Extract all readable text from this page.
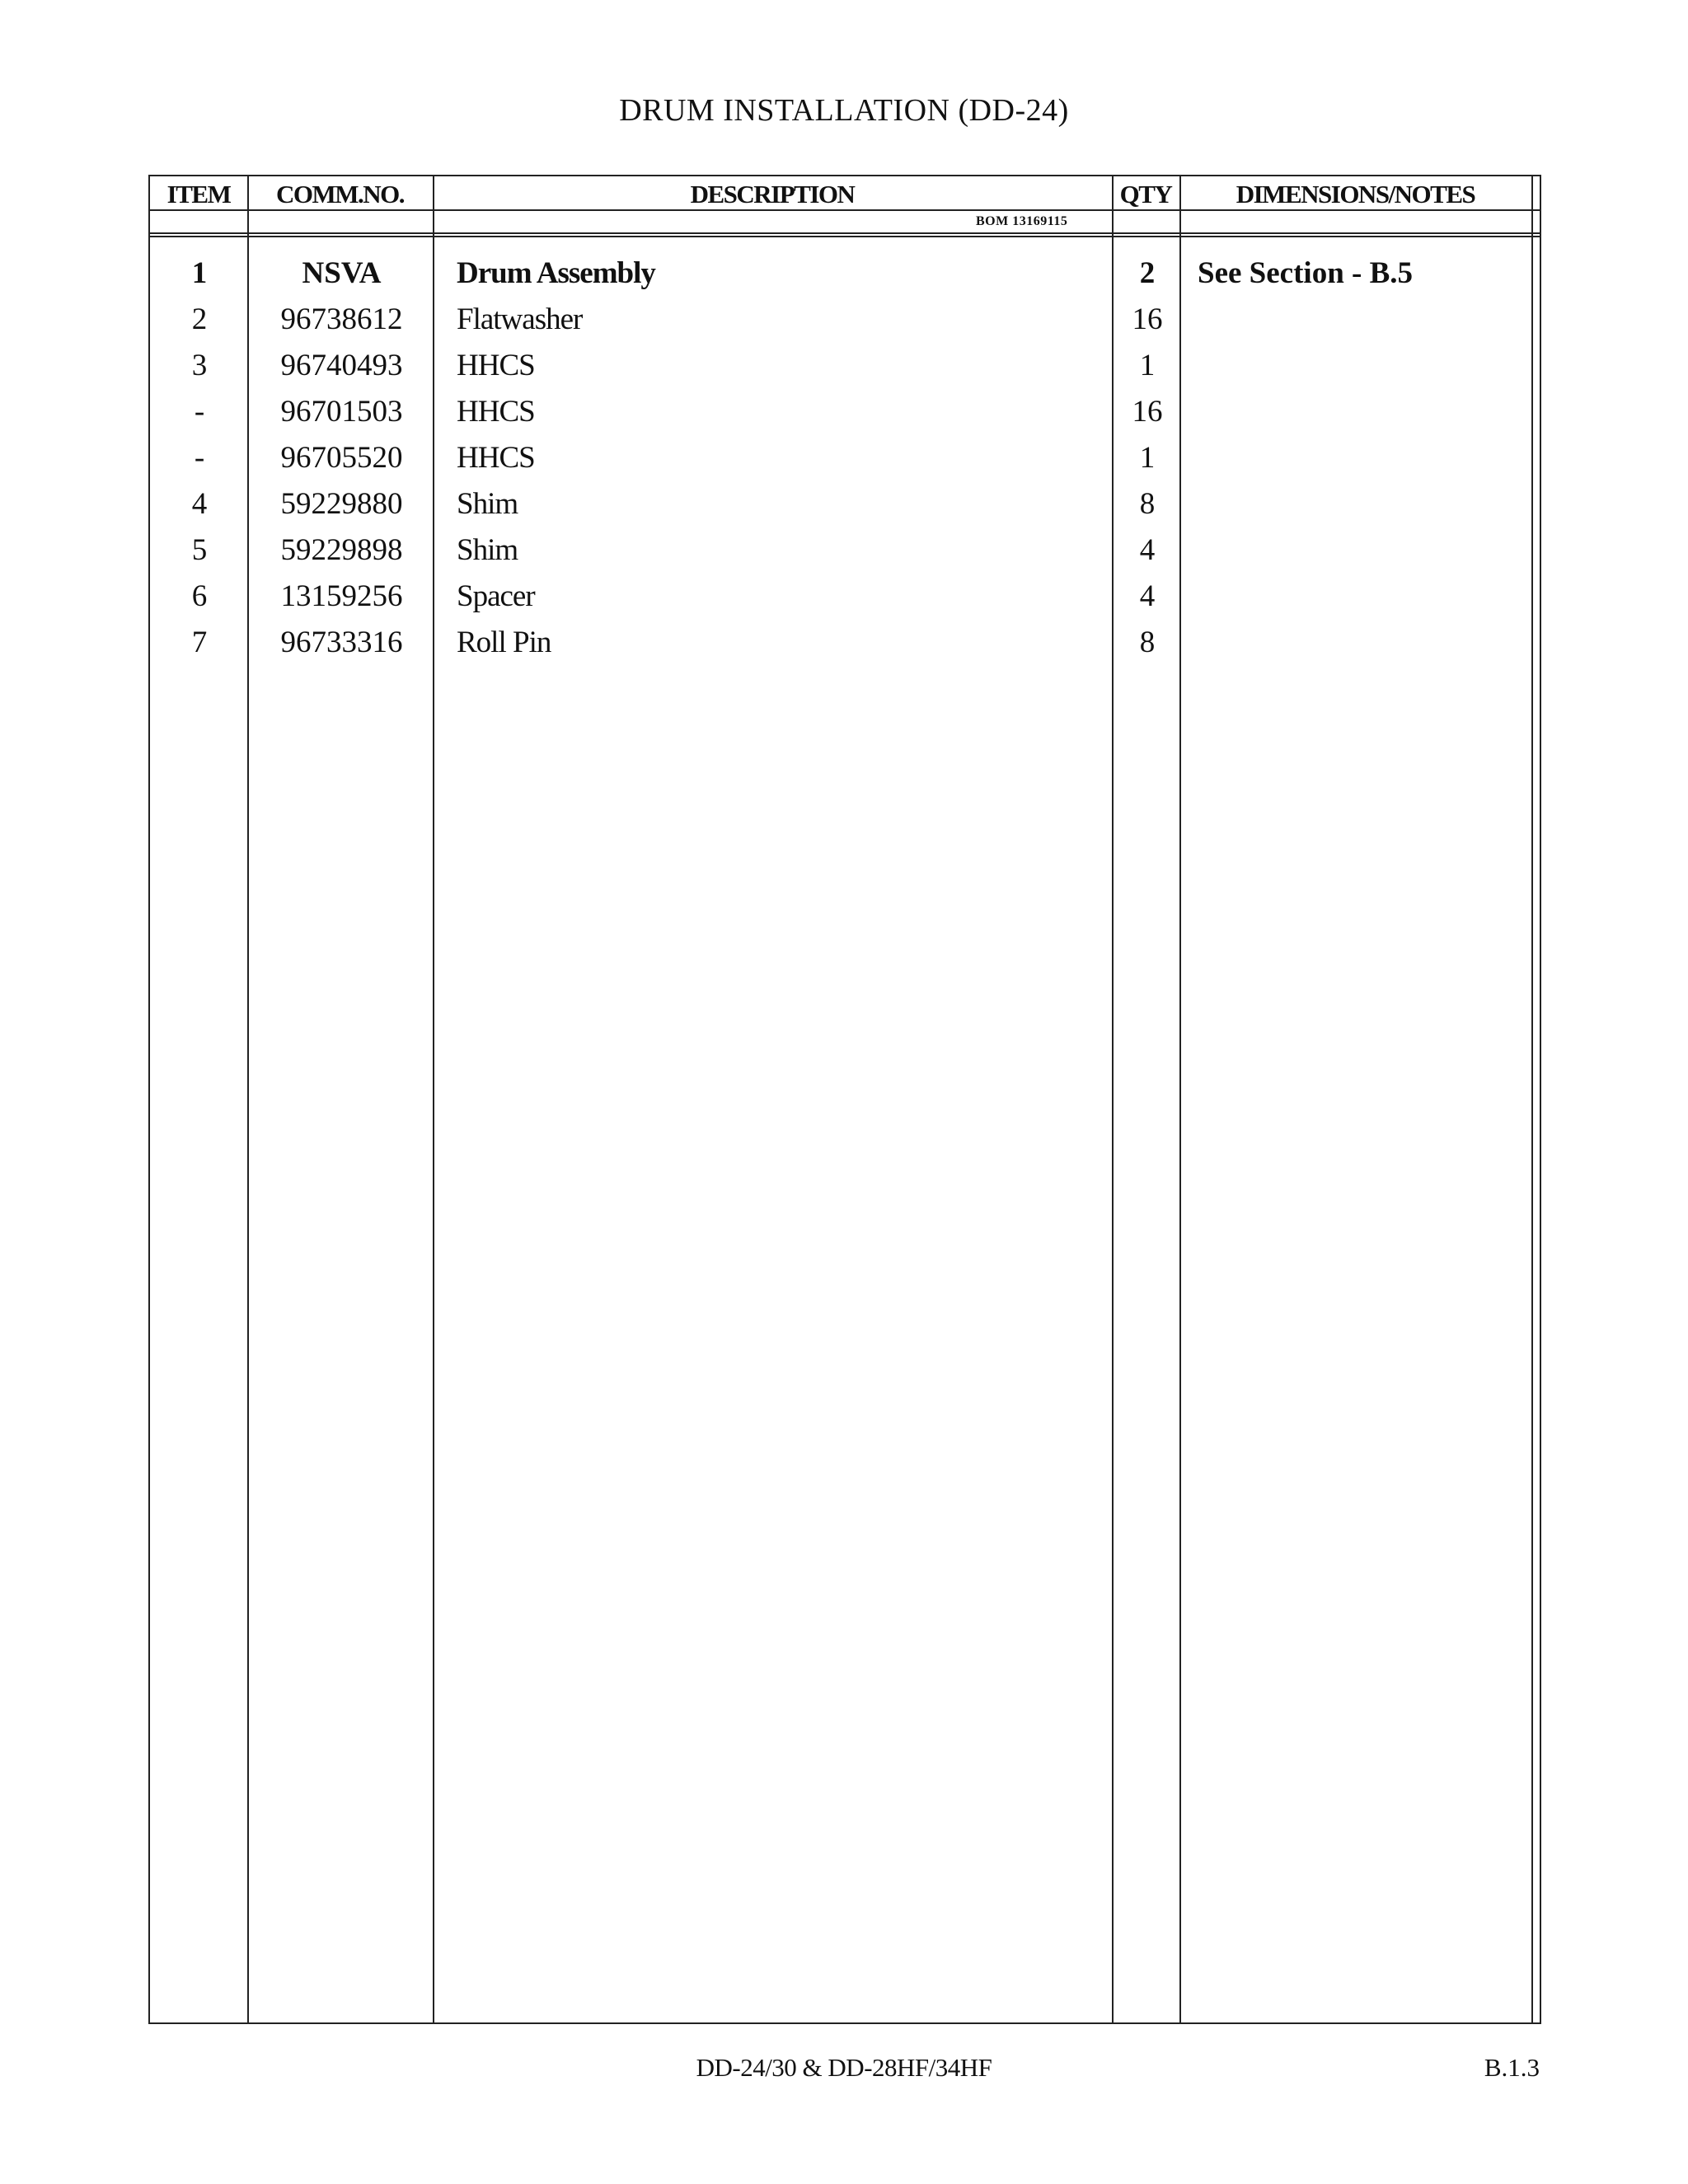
DRUM INSTALLATION (DD-24)
ITEM	COMM.NO.	DESCRIPTION	QTY	DIMENSIONS/NOTES
BOM 13169115
1	NSVA	Drum Assembly	2	See Section - B.5
2	96738612	Flatwasher	16
3	96740493	HHCS	1
-	96701503	HHCS	16
-	96705520	HHCS	1
4	59229880	Shim	8
5	59229898	Shim	4
6	13159256	Spacer	4
7	96733316	Roll Pin	8
DD-24/30 & DD-28HF/34HF	B.1.3
